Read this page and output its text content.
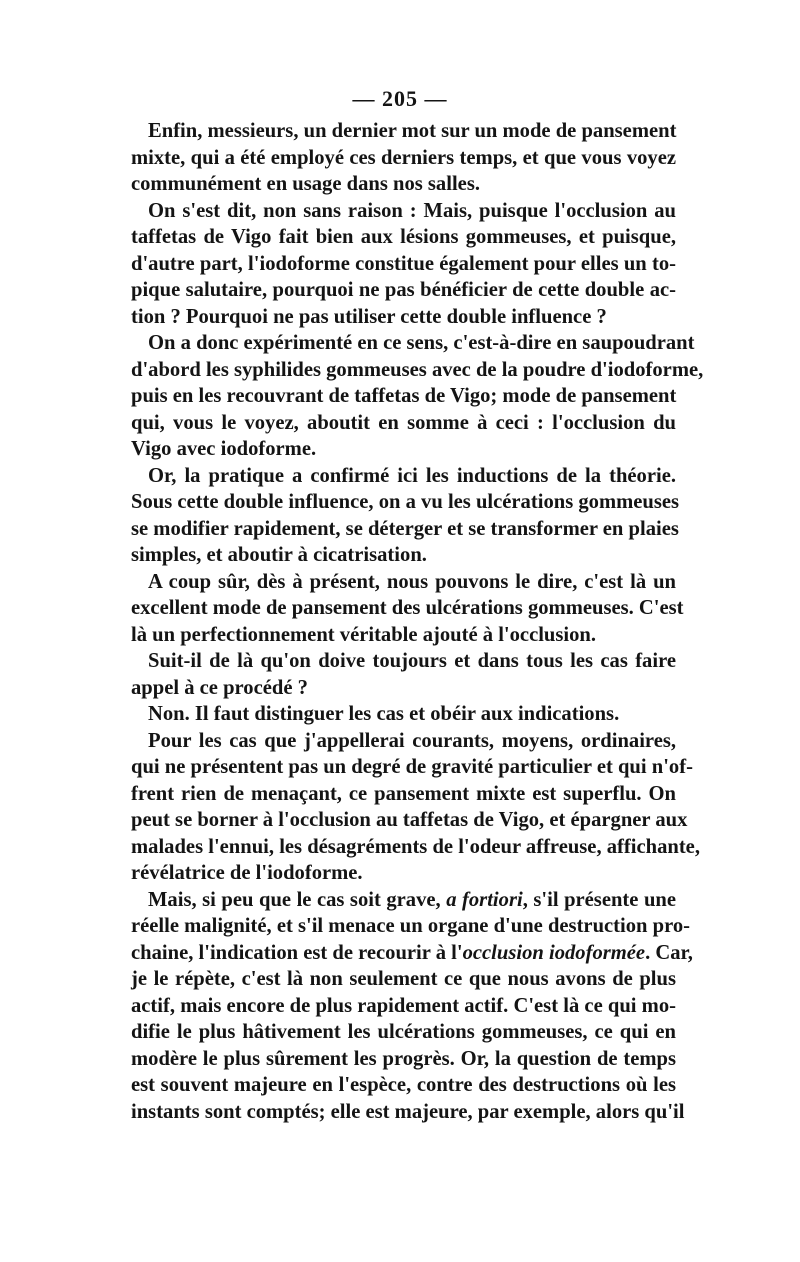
— 205 —
Enfin, messieurs, un dernier mot sur un mode de pansement
mixte, qui a été employé ces derniers temps, et que vous voyez
communément en usage dans nos salles.
On s'est dit, non sans raison : Mais, puisque l'occlusion au
taffetas de Vigo fait bien aux lésions gommeuses, et puisque,
d'autre part, l'iodoforme constitue également pour elles un to-
pique salutaire, pourquoi ne pas bénéficier de cette double ac-
tion ? Pourquoi ne pas utiliser cette double influence ?
On a donc expérimenté en ce sens, c'est-à-dire en saupoudrant
d'abord les syphilides gommeuses avec de la poudre d'iodoforme,
puis en les recouvrant de taffetas de Vigo; mode de pansement
qui, vous le voyez, aboutit en somme à ceci : l'occlusion du
Vigo avec iodoforme.
Or, la pratique a confirmé ici les inductions de la théorie.
Sous cette double influence, on a vu les ulcérations gommeuses
se modifier rapidement, se déterger et se transformer en plaies
simples, et aboutir à cicatrisation.
A coup sûr, dès à présent, nous pouvons le dire, c'est là un
excellent mode de pansement des ulcérations gommeuses. C'est
là un perfectionnement véritable ajouté à l'occlusion.
Suit-il de là qu'on doive toujours et dans tous les cas faire
appel à ce procédé ?
Non. Il faut distinguer les cas et obéir aux indications.
Pour les cas que j'appellerai courants, moyens, ordinaires,
qui ne présentent pas un degré de gravité particulier et qui n'of-
frent rien de menaçant, ce pansement mixte est superflu. On
peut se borner à l'occlusion au taffetas de Vigo, et épargner aux
malades l'ennui, les désagréments de l'odeur affreuse, affichante,
révélatrice de l'iodoforme.
Mais, si peu que le cas soit grave, a fortiori, s'il présente une
réelle malignité, et s'il menace un organe d'une destruction pro-
chaine, l'indication est de recourir à l'occlusion iodoformée. Car,
je le répète, c'est là non seulement ce que nous avons de plus
actif, mais encore de plus rapidement actif. C'est là ce qui mo-
difie le plus hâtivement les ulcérations gommeuses, ce qui en
modère le plus sûrement les progrès. Or, la question de temps
est souvent majeure en l'espèce, contre des destructions où les
instants sont comptés; elle est majeure, par exemple, alors qu'il
